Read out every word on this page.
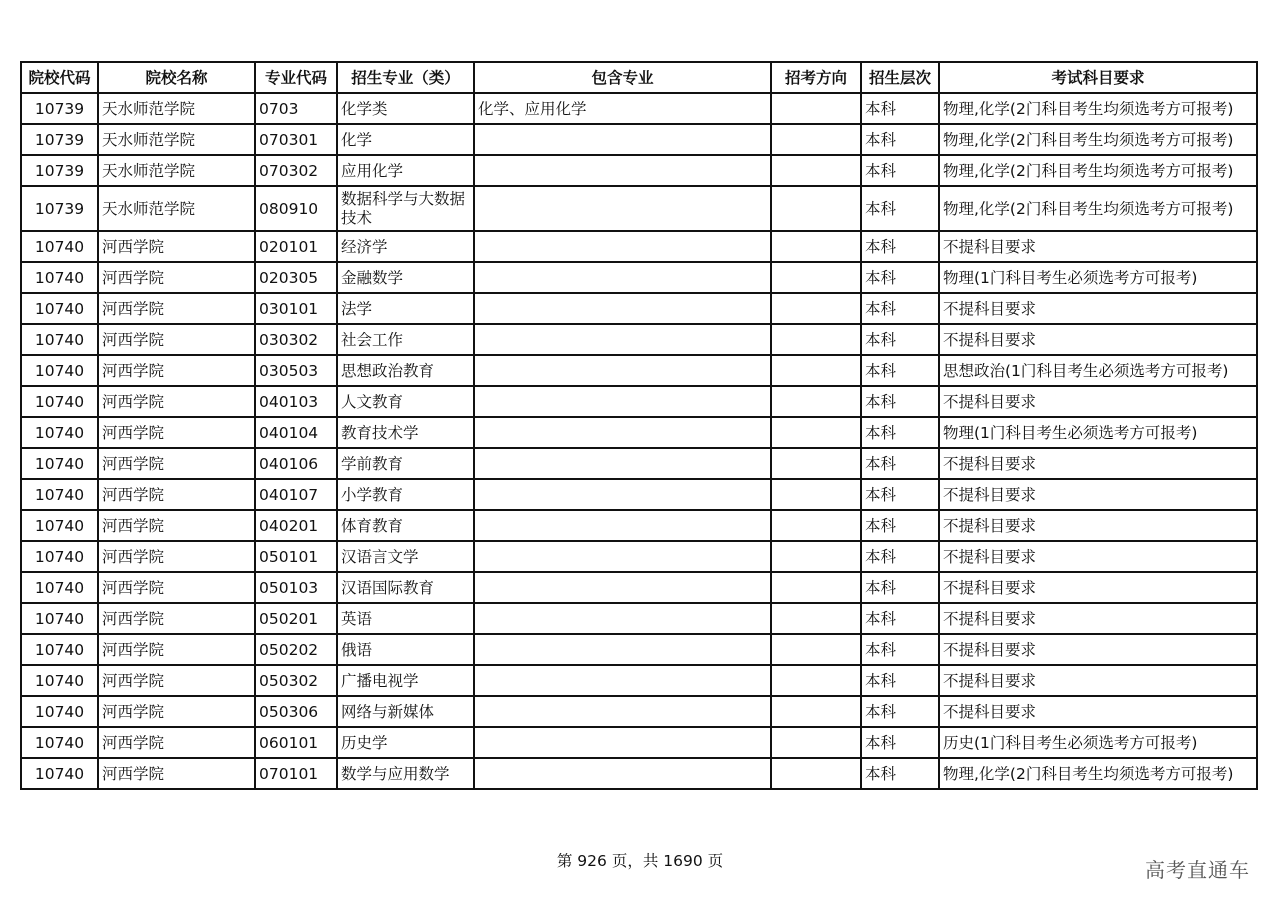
院校代码	院校名称	专业代码	招生专业（类）	包含专业	招考方向	招生层次	考试科目要求
10739	天水师范学院	0703	化学类	化学、应用化学		本科	物理,化学(2门科目考生均须选考方可报考)
10739	天水师范学院	070301	化学			本科	物理,化学(2门科目考生均须选考方可报考)
10739	天水师范学院	070302	应用化学			本科	物理,化学(2门科目考生均须选考方可报考)
10739	天水师范学院	080910	数据科学与大数据技术			本科	物理,化学(2门科目考生均须选考方可报考)
10740	河西学院	020101	经济学			本科	不提科目要求
10740	河西学院	020305	金融数学			本科	物理(1门科目考生必须选考方可报考)
10740	河西学院	030101	法学			本科	不提科目要求
10740	河西学院	030302	社会工作			本科	不提科目要求
10740	河西学院	030503	思想政治教育			本科	思想政治(1门科目考生必须选考方可报考)
10740	河西学院	040103	人文教育			本科	不提科目要求
10740	河西学院	040104	教育技术学			本科	物理(1门科目考生必须选考方可报考)
10740	河西学院	040106	学前教育			本科	不提科目要求
10740	河西学院	040107	小学教育			本科	不提科目要求
10740	河西学院	040201	体育教育			本科	不提科目要求
10740	河西学院	050101	汉语言文学			本科	不提科目要求
10740	河西学院	050103	汉语国际教育			本科	不提科目要求
10740	河西学院	050201	英语			本科	不提科目要求
10740	河西学院	050202	俄语			本科	不提科目要求
10740	河西学院	050302	广播电视学			本科	不提科目要求
10740	河西学院	050306	网络与新媒体			本科	不提科目要求
10740	河西学院	060101	历史学			本科	历史(1门科目考生必须选考方可报考)
10740	河西学院	070101	数学与应用数学			本科	物理,化学(2门科目考生均须选考方可报考)
第 926 页，共 1690 页	高考直通车
